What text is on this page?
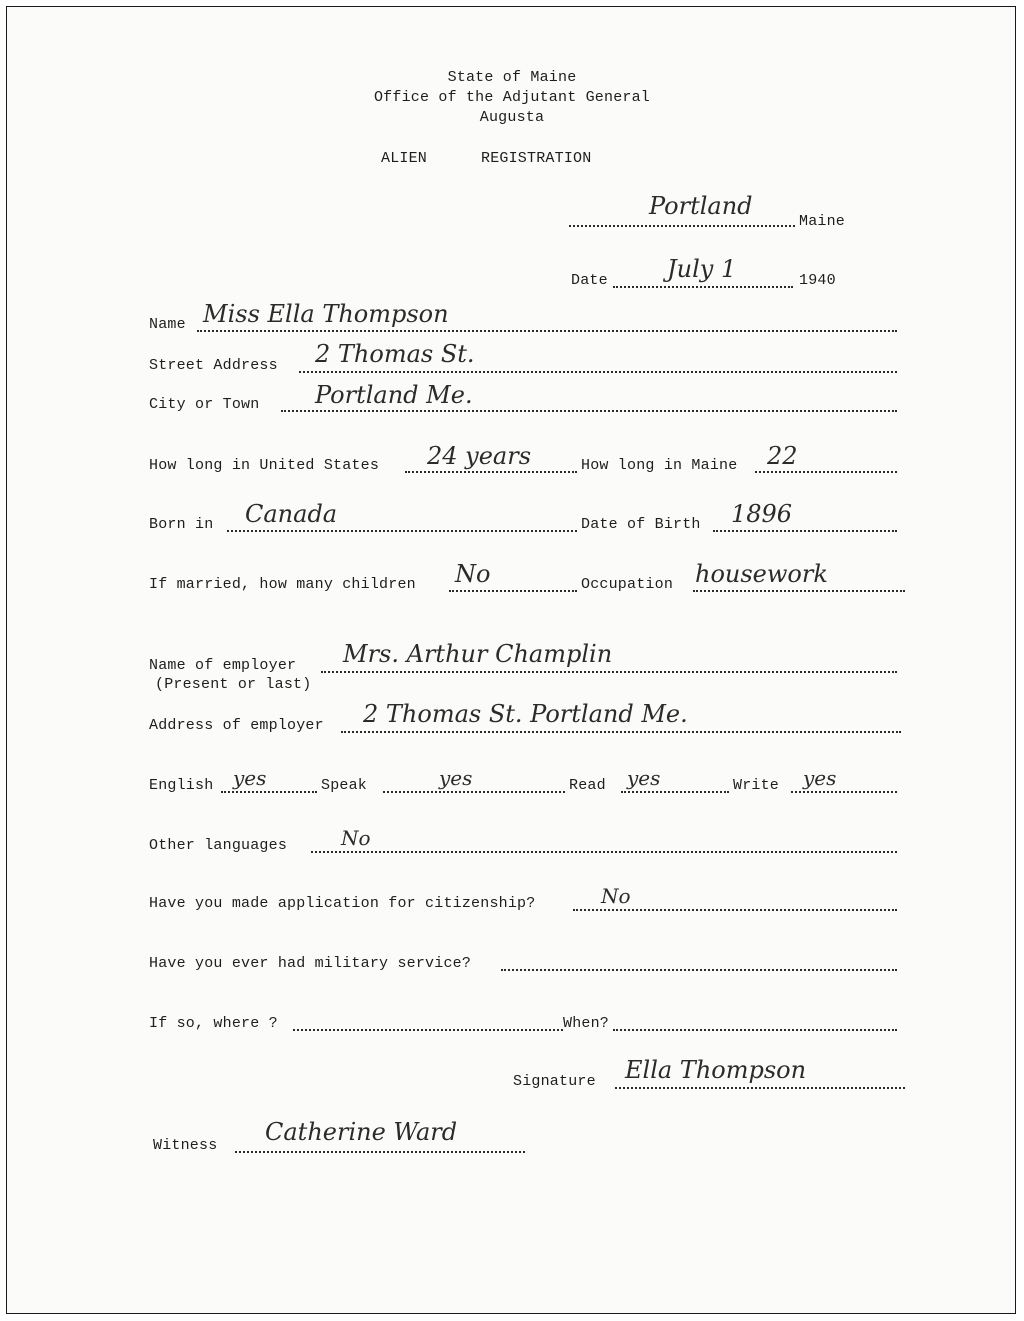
State of Maine
Office of the Adjutant General
Augusta
ALIEN	REGISTRATION
Portland
Maine
Date July 1	1940
Name Miss Ella Thompson
Street Address 2 Thomas St.
City or Town Portland Me.
How long in United States 24 years	How long in Maine 22
Born in Canada	Date of Birth 1896
If married, how many children No	Occupation housework
Name of employer
(Present or last)
Mrs. Arthur Champlin
Address of employer 2 Thomas St. Portland Me.
English yes	Speak	yes	Read yes	Write yes
Other languages	No
Have you made application for citizenship?	No
Have you ever had military service?
If so, where ?	When?
Signature Ella Thompson
Witness Catherine Ward
